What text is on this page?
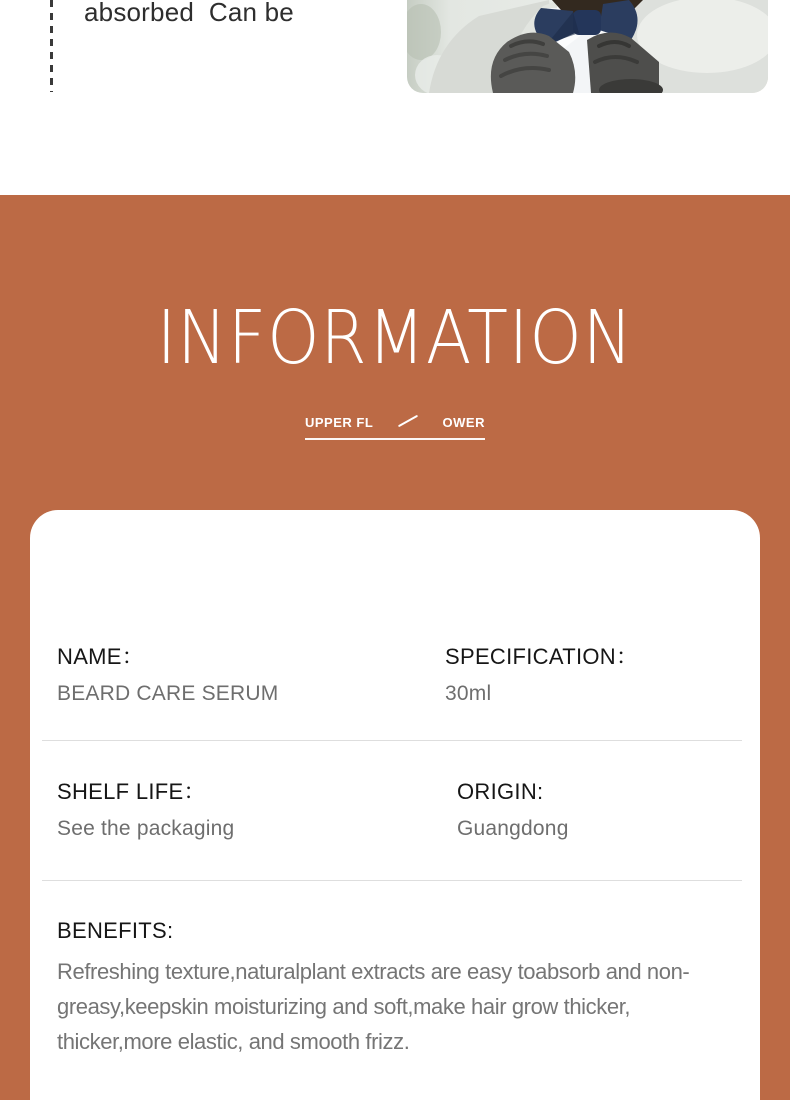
absorbed  Can be

INFORMATION
UPPER FL	OWER
NAME：
BEARD CARE SERUM
SPECIFICATION：
30ml
SHELF LIFE：
See the packaging
ORIGIN:
Guangdong
BENEFITS:
Refreshing texture,naturalplant extracts are easy toabsorb and non-greasy,keepskin moisturizing and soft,make hair grow thicker, thicker,more elastic, and smooth frizz.
